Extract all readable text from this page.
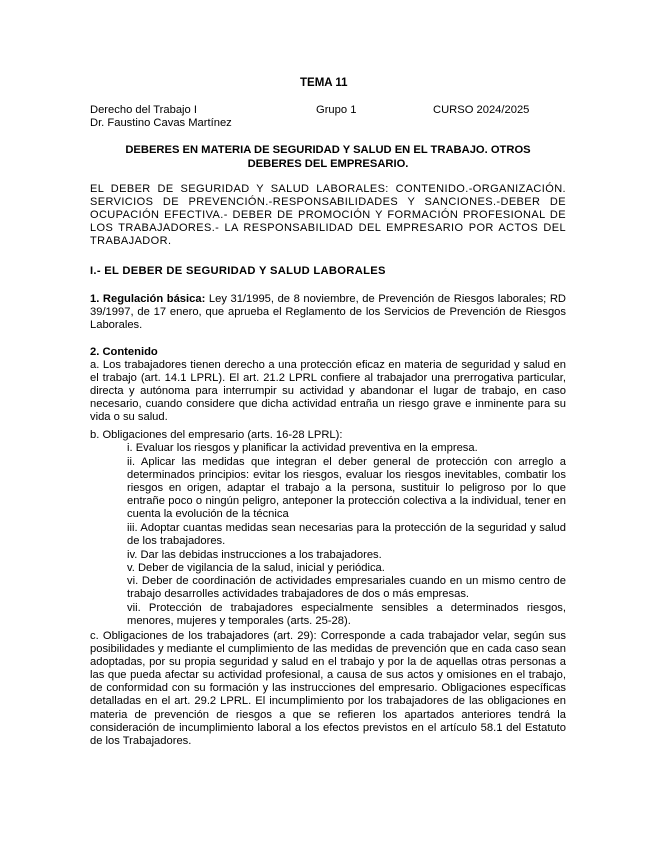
TEMA 11

Derecho del Trabajo I	Grupo 1	CURSO 2024/2025

Dr. Faustino Cavas Martínez

DEBERES EN MATERIA DE SEGURIDAD Y SALUD EN EL TRABAJO. OTROS DEBERES DEL EMPRESARIO.

EL DEBER DE SEGURIDAD Y SALUD LABORALES: CONTENIDO.-ORGANIZACIÓN. SERVICIOS DE PREVENCIÓN.-RESPONSABILIDADES Y SANCIONES.-DEBER DE OCUPACIÓN EFECTIVA.- DEBER DE PROMOCIÓN Y FORMACIÓN PROFESIONAL DE LOS TRABAJADORES.- LA RESPONSABILIDAD DEL EMPRESARIO POR ACTOS DEL TRABAJADOR.

I.- EL DEBER DE SEGURIDAD Y SALUD LABORALES

1. Regulación básica: Ley 31/1995, de 8 noviembre, de Prevención de Riesgos laborales; RD 39/1997, de 17 enero, que aprueba el Reglamento de los Servicios de Prevención de Riesgos Laborales.

2. Contenido

a. Los trabajadores tienen derecho a una protección eficaz en materia de seguridad y salud en el trabajo (art. 14.1 LPRL). El art. 21.2 LPRL confiere al trabajador una prerrogativa particular, directa y autónoma para interrumpir su actividad y abandonar el lugar de trabajo, en caso necesario, cuando considere que dicha actividad entraña un riesgo grave e inminente para su vida o su salud.

b. Obligaciones del empresario (arts. 16-28 LPRL):

i. Evaluar los riesgos y planificar la actividad preventiva en la empresa.

ii. Aplicar las medidas que integran el deber general de protección con arreglo a determinados principios: evitar los riesgos, evaluar los riesgos inevitables, combatir los riesgos en origen, adaptar el trabajo a la persona, sustituir lo peligroso por lo que entrañe poco o ningún peligro, anteponer la protección colectiva a la individual, tener en cuenta la evolución de la técnica

iii. Adoptar cuantas medidas sean necesarias para la protección de la seguridad y salud de los trabajadores.

iv. Dar las debidas instrucciones a los trabajadores.

v. Deber de vigilancia de la salud, inicial y periódica.

vi. Deber de coordinación de actividades empresariales cuando en un mismo centro de trabajo desarrolles actividades trabajadores de dos o más empresas.

vii. Protección de trabajadores especialmente sensibles a determinados riesgos, menores, mujeres y temporales (arts. 25-28).

c. Obligaciones de los trabajadores (art. 29): Corresponde a cada trabajador velar, según sus posibilidades y mediante el cumplimiento de las medidas de prevención que en cada caso sean adoptadas, por su propia seguridad y salud en el trabajo y por la de aquellas otras personas a las que pueda afectar su actividad profesional, a causa de sus actos y omisiones en el trabajo, de conformidad con su formación y las instrucciones del empresario. Obligaciones específicas detalladas en el art. 29.2 LPRL. El incumplimiento por los trabajadores de las obligaciones en materia de prevención de riesgos a que se refieren los apartados anteriores tendrá la consideración de incumplimiento laboral a los efectos previstos en el artículo 58.1 del Estatuto de los Trabajadores.
